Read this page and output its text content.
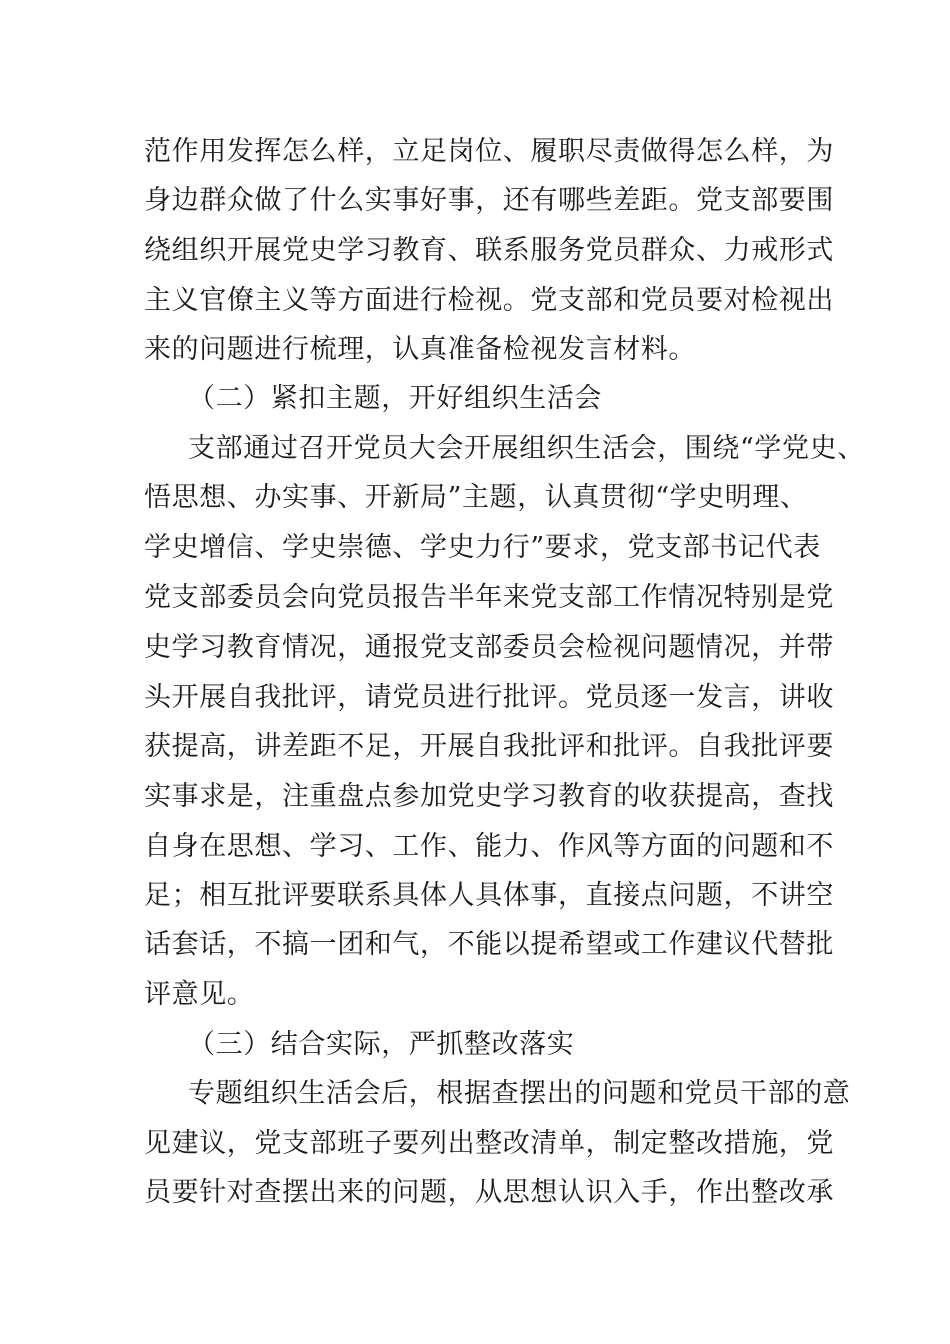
范作用发挥怎么样，立足岗位、履职尽责做得怎么样，为
身边群众做了什么实事好事，还有哪些差距。党支部要围
绕组织开展党史学习教育、联系服务党员群众、力戒形式
主义官僚主义等方面进行检视。党支部和党员要对检视出
来的问题进行梳理，认真准备检视发言材料。
（二）紧扣主题，开好组织生活会
支部通过召开党员大会开展组织生活会，围绕“学党史、
悟思想、办实事、开新局”主题，认真贯彻“学史明理、
学史增信、学史崇德、学史力行”要求，党支部书记代表
党支部委员会向党员报告半年来党支部工作情况特别是党
史学习教育情况，通报党支部委员会检视问题情况，并带
头开展自我批评，请党员进行批评。党员逐一发言，讲收
获提高，讲差距不足，开展自我批评和批评。自我批评要
实事求是，注重盘点参加党史学习教育的收获提高，查找
自身在思想、学习、工作、能力、作风等方面的问题和不
足；相互批评要联系具体人具体事，直接点问题，不讲空
话套话，不搞一团和气，不能以提希望或工作建议代替批
评意见。
（三）结合实际，严抓整改落实
专题组织生活会后，根据查摆出的问题和党员干部的意
见建议，党支部班子要列出整改清单，制定整改措施，党
员要针对查摆出来的问题，从思想认识入手，作出整改承
